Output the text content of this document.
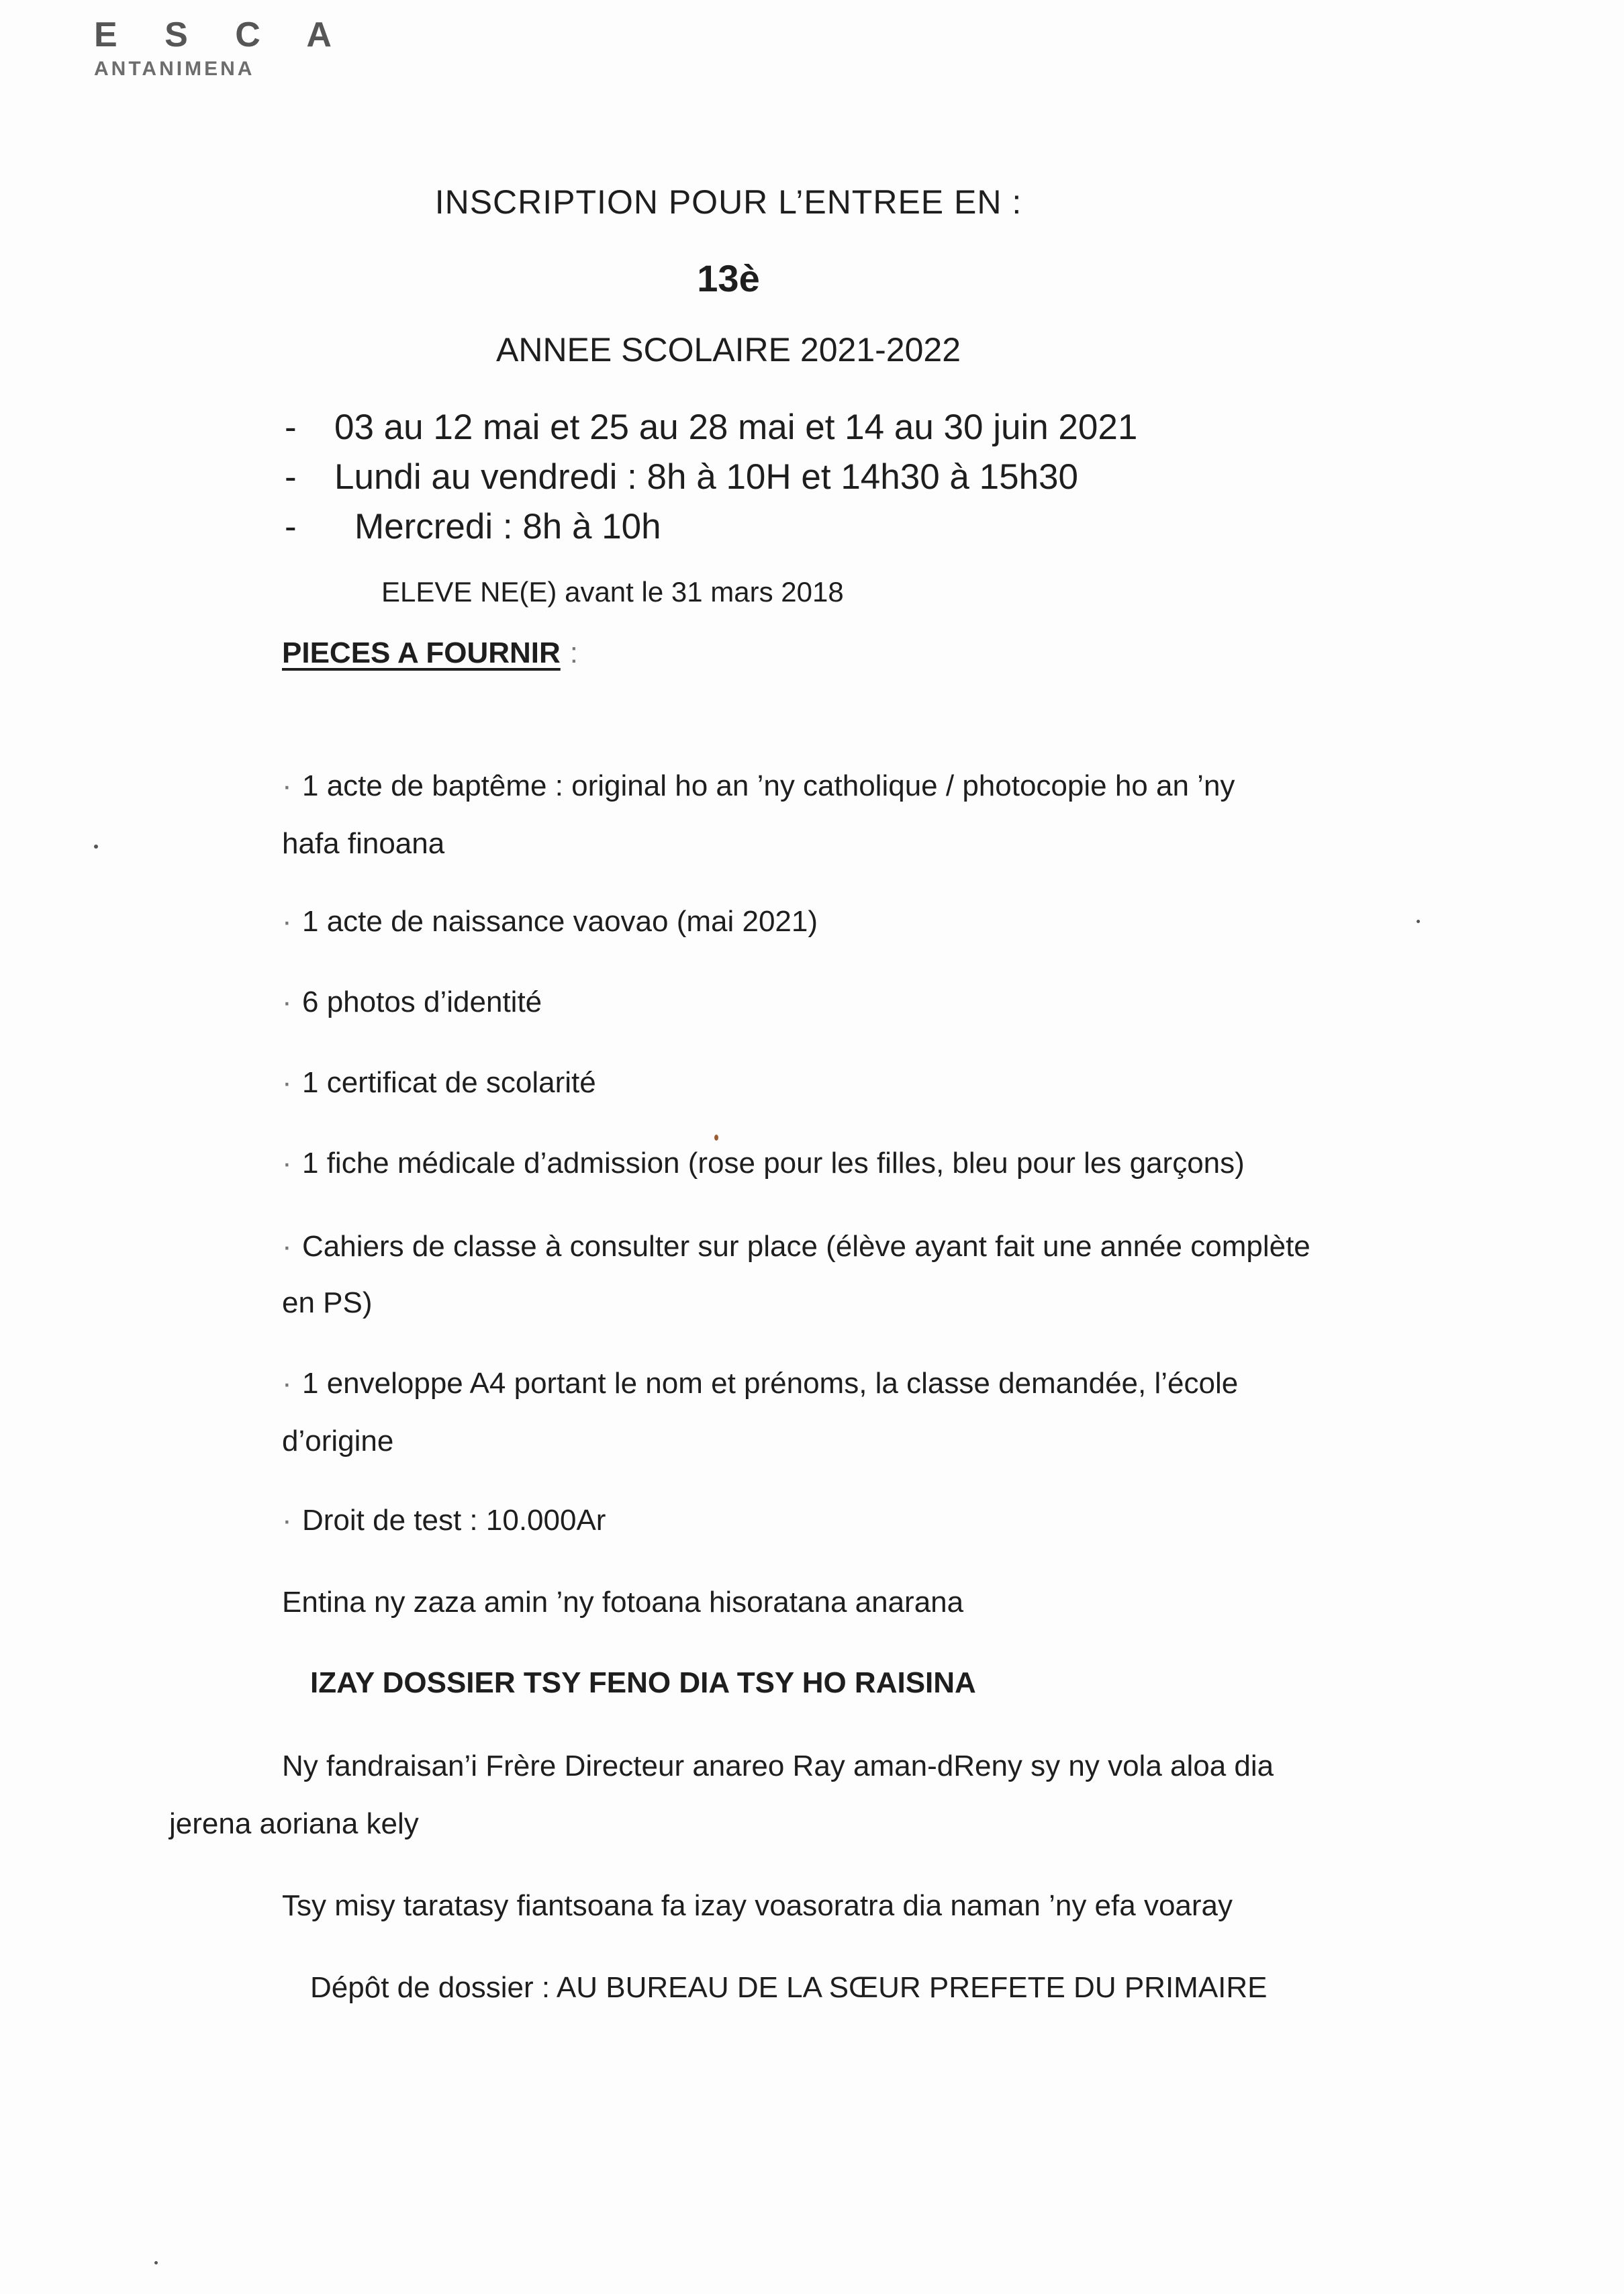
E S C A
ANTANIMENA
INSCRIPTION POUR L’ENTREE EN :
13è
ANNEE SCOLAIRE 2021-2022
- 03 au 12 mai et 25 au 28 mai et 14 au 30 juin 2021
- Lundi au vendredi : 8h à 10H et 14h30 à 15h30
- Mercredi : 8h à 10h
ELEVE NE(E) avant le 31 mars 2018
PIECES A FOURNIR :
· 1 acte de baptême : original ho an ’ny catholique / photocopie ho an ’ny
hafa finoana
· 1 acte de naissance vaovao (mai 2021)
· 6 photos d’identité
· 1 certificat de scolarité
· 1 fiche médicale d’admission (rose pour les filles, bleu pour les garçons)
· Cahiers de classe à consulter sur place (élève ayant fait une année complète
en PS)
· 1 enveloppe A4 portant le nom et prénoms, la classe demandée, l’école
d’origine
· Droit de test : 10.000Ar
Entina ny zaza amin ’ny fotoana hisoratana anarana
IZAY DOSSIER TSY FENO DIA TSY HO RAISINA
Ny fandraisan’i Frère Directeur anareo Ray aman-dReny sy ny vola aloa dia
jerena aoriana kely
Tsy misy taratasy fiantsoana fa izay voasoratra dia naman ’ny efa voaray
Dépôt de dossier : AU BUREAU DE LA SŒUR PREFETE DU PRIMAIRE
